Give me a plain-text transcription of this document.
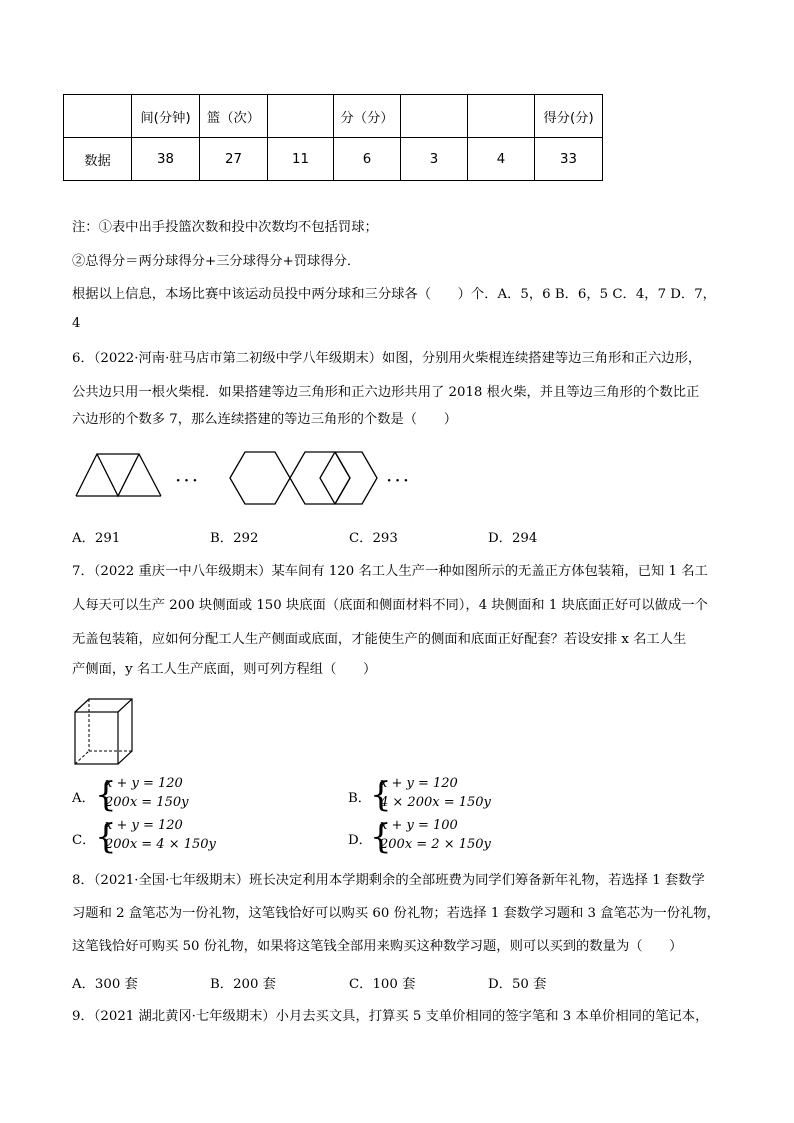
	间(分钟)	篮（次）		分（分）			得分(分)
数据	38	27	11	6	3	4	33
注：①表中出手投篮次数和投中次数均不包括罚球；
②总得分＝两分球得分+三分球得分+罚球得分．
根据以上信息，本场比赛中该运动员投中两分球和三分球各（　　）个．A．5，6 B．6，5 C．4，7 D．7，
4
6．（2022·河南·驻马店市第二初级中学八年级期末）如图，分别用火柴棍连续搭建等边三角形和正六边形，
公共边只用一根火柴棍．如果搭建等边三角形和正六边形共用了 2018 根火柴，并且等边三角形的个数比正
六边形的个数多 7，那么连续搭建的等边三角形的个数是（　　）
···	···
A．291	B．292	C．293	D．294
7．（2022 重庆一中八年级期末）某车间有 120 名工人生产一种如图所示的无盖正方体包装箱，已知 1 名工
人每天可以生产 200 块侧面或 150 块底面（底面和侧面材料不同），4 块侧面和 1 块底面正好可以做成一个
无盖包装箱，应如何分配工人生产侧面或底面，才能使生产的侧面和底面正好配套？若设安排 x 名工人生
产侧面，y 名工人生产底面，则可列方程组（　　）
A． {
x + y = 120
200x = 150y	B．
{
x + y = 120
4 × 200x = 150y
C． {
x + y = 120
200x = 4 × 150y	D．
{
x + y = 100
200x = 2 × 150y
8．（2021·全国·七年级期末）班长决定利用本学期剩余的全部班费为同学们筹备新年礼物，若选择 1 套数学
习题和 2 盒笔芯为一份礼物，这笔钱恰好可以购买 60 份礼物；若选择 1 套数学习题和 3 盒笔芯为一份礼物，
这笔钱恰好可购买 50 份礼物，如果将这笔钱全部用来购买这种数学习题，则可以买到的数量为（　　）
A．300 套	B．200 套	C．100 套	D．50 套
9．（2021 湖北黄冈·七年级期末）小月去买文具，打算买 5 支单价相同的签字笔和 3 本单价相同的笔记本，
